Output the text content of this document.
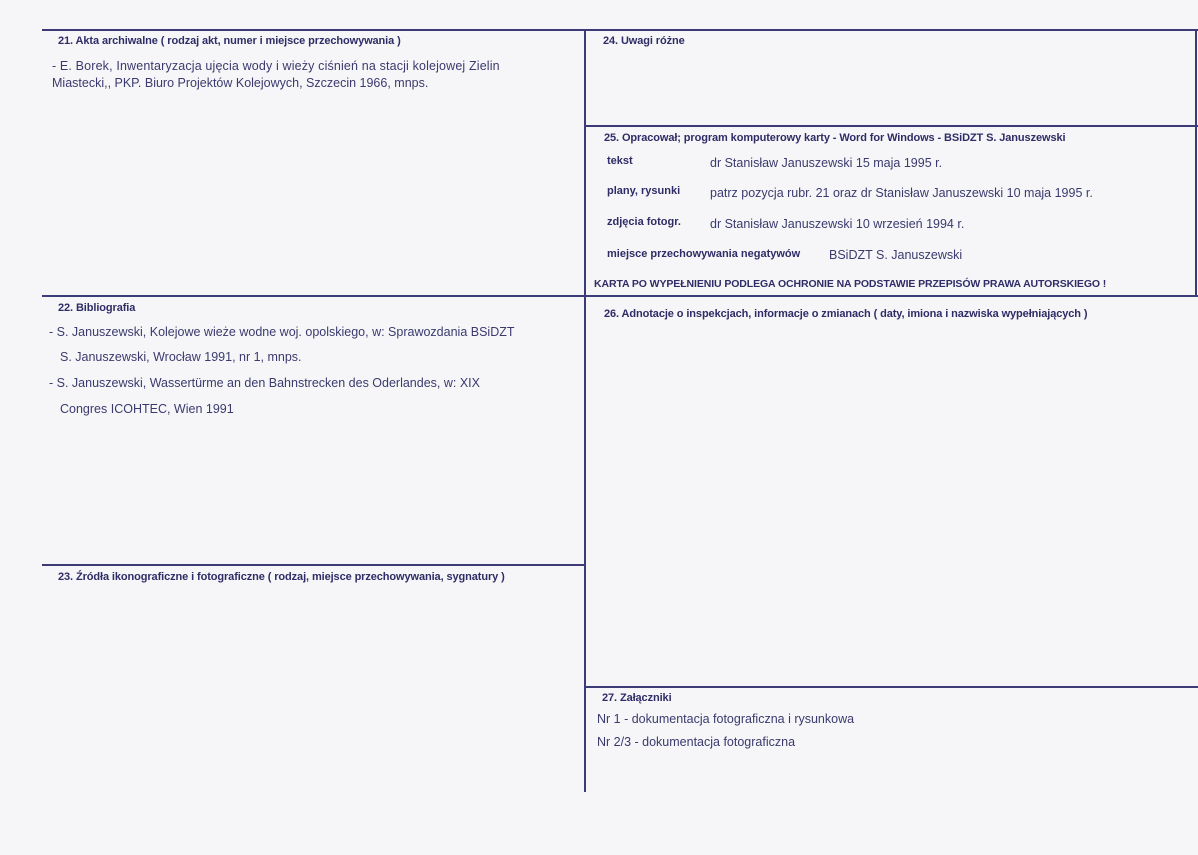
21. Akta archiwalne ( rodzaj akt, numer i miejsce przechowywania )
- E. Borek, Inwentaryzacja ujęcia wody i wieży ciśnień na stacji kolejowej Zielin
Miastecki,, PKP. Biuro Projektów Kolejowych, Szczecin 1966, mnps.
22. Bibliografia
- S. Januszewski, Kolejowe wieże wodne woj. opolskiego, w: Sprawozdania BSiDZT
S. Januszewski, Wrocław 1991, nr 1, mnps.
- S. Januszewski, Wassertürme an den Bahnstrecken des Oderlandes, w: XIX
Congres ICOHTEC, Wien 1991
23. Źródła ikonograficzne i fotograficzne ( rodzaj, miejsce przechowywania, sygnatury )
24. Uwagi różne
25. Opracował; program komputerowy karty - Word for Windows - BSiDZT S. Januszewski
tekst	dr Stanisław Januszewski 15 maja 1995 r.
plany, rysunki patrz pozycja rubr. 21 oraz dr Stanisław Januszewski 10 maja 1995 r.
zdjęcia fotogr. dr Stanisław Januszewski 10 wrzesień 1994 r.
miejsce przechowywania negatywów BSiDZT S. Januszewski
KARTA PO WYPEŁNIENIU PODLEGA OCHRONIE NA PODSTAWIE PRZEPISÓW PRAWA AUTORSKIEGO !
26. Adnotacje o inspekcjach, informacje o zmianach ( daty, imiona i nazwiska wypełniających )
27. Załączniki
Nr 1 - dokumentacja fotograficzna i rysunkowa
Nr 2/3 - dokumentacja fotograficzna
